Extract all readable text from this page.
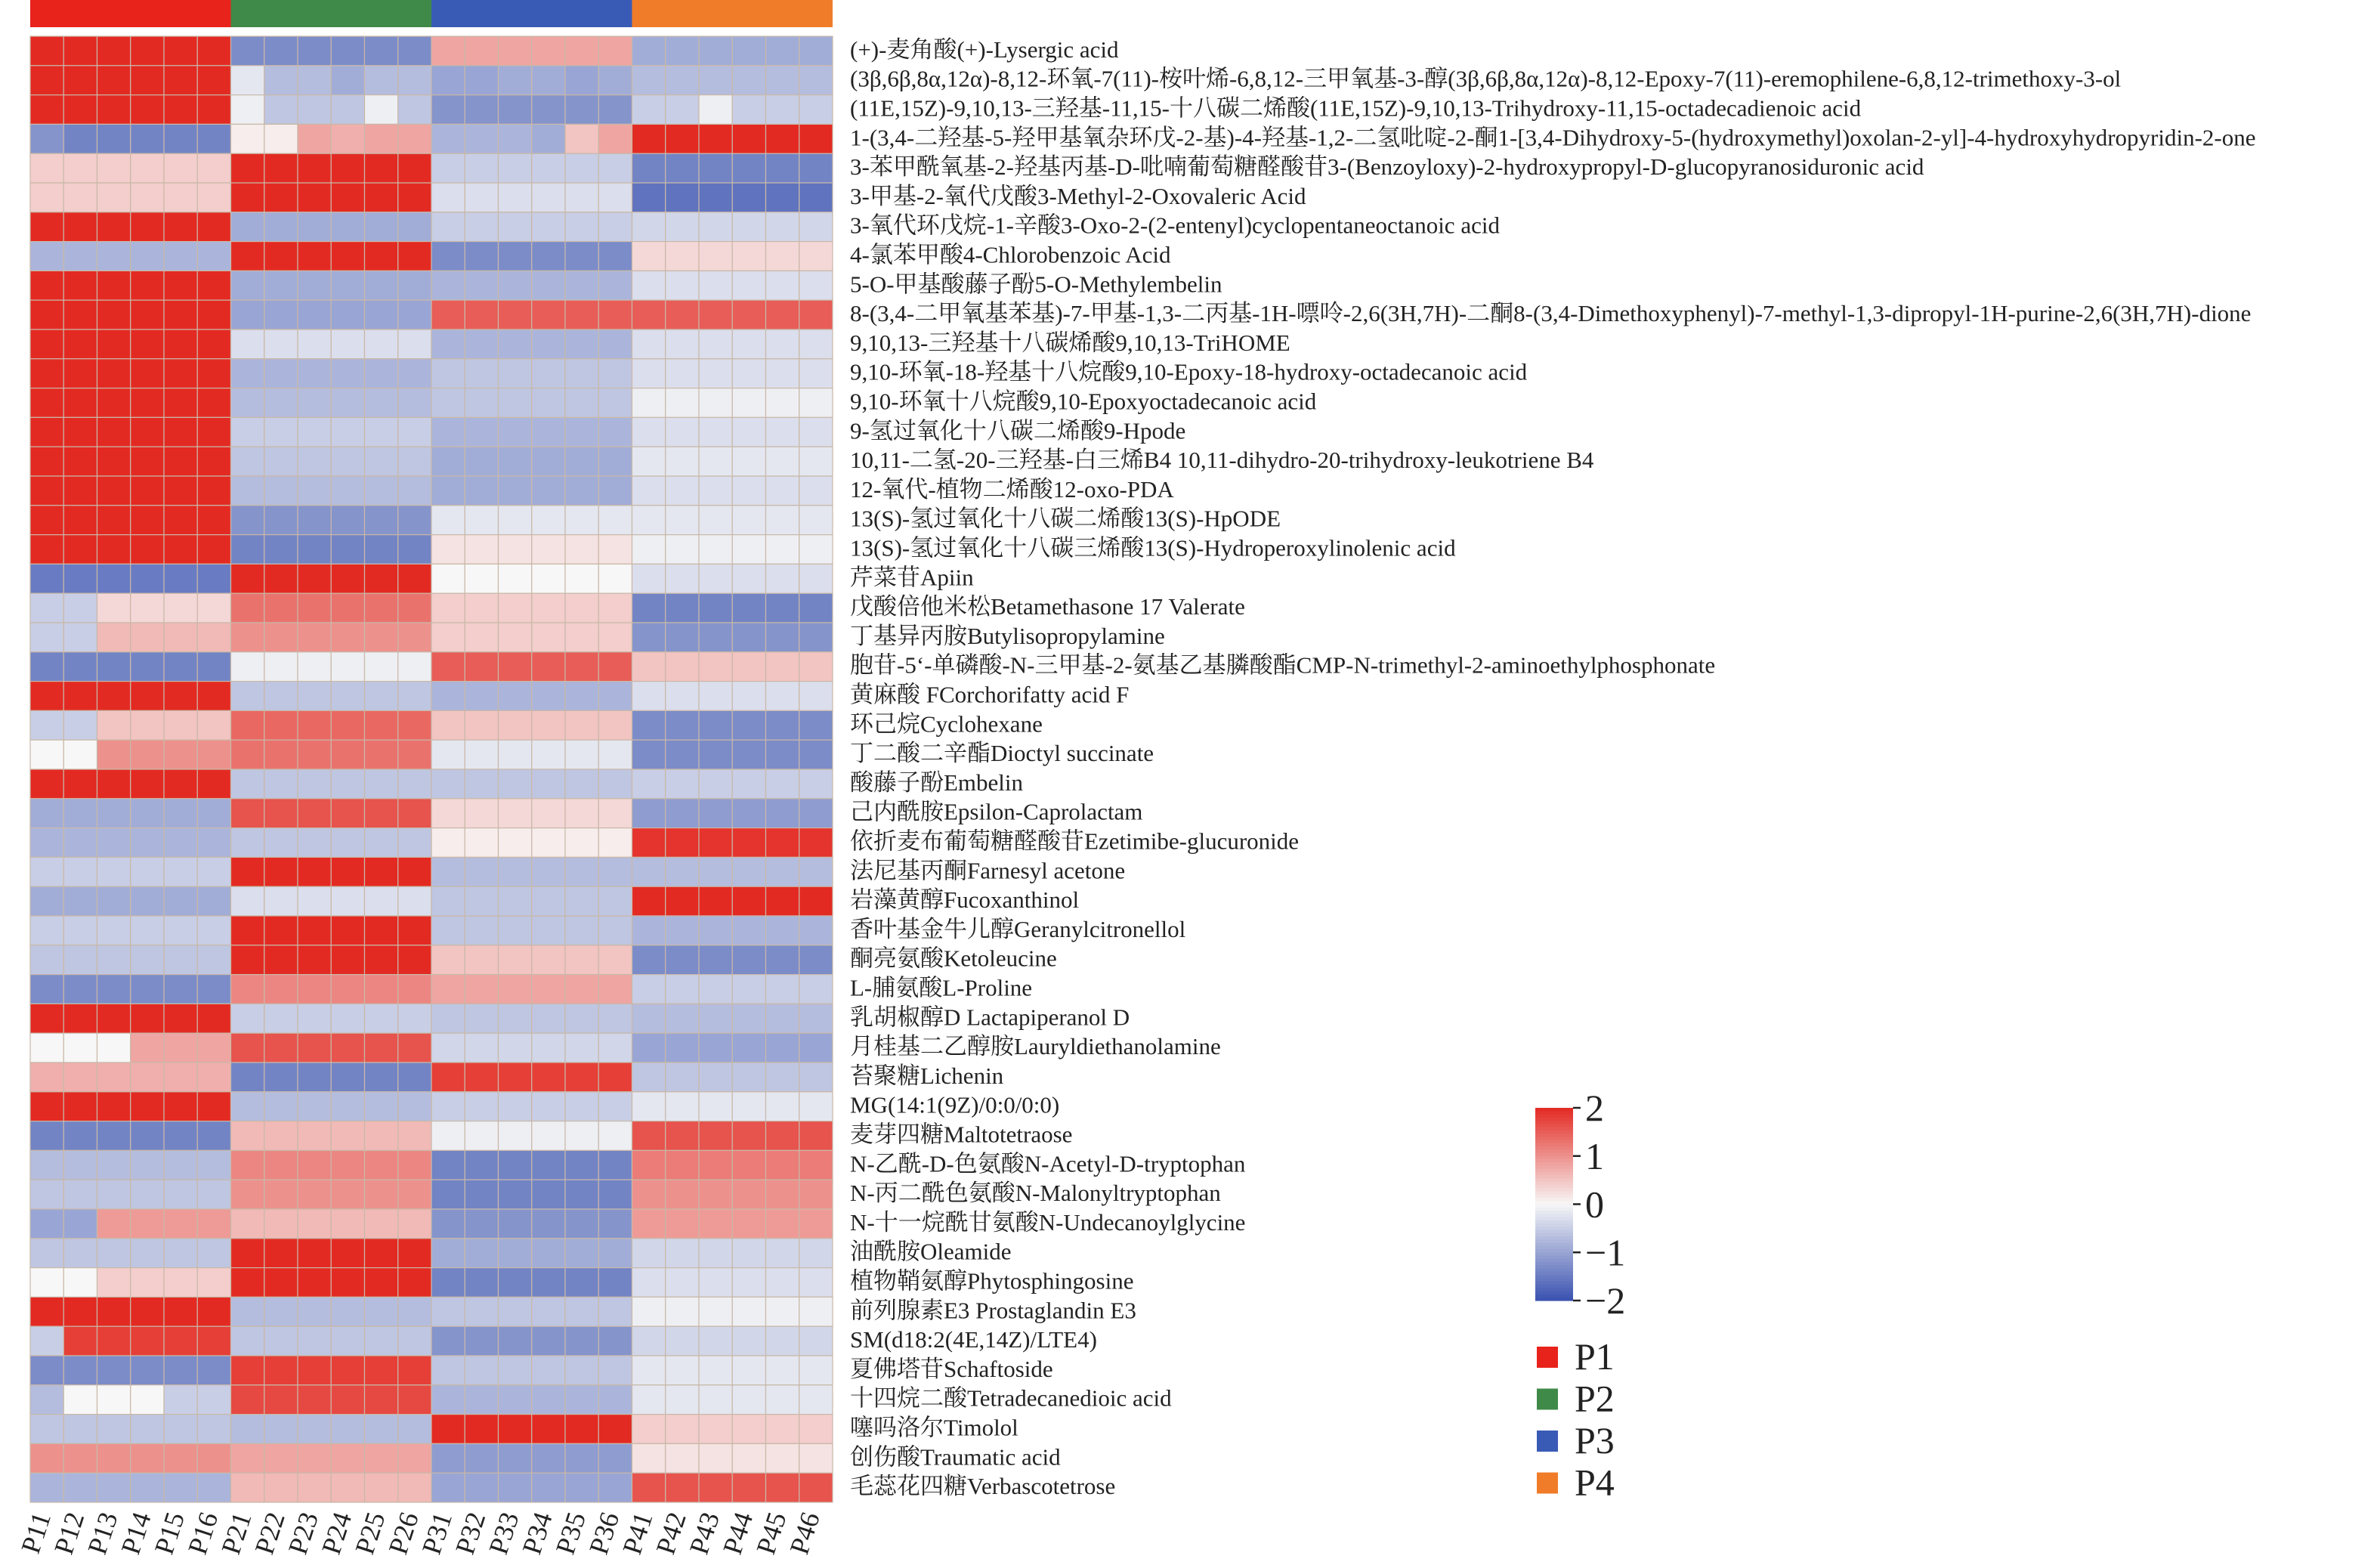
(+)-麦角酸(+)-Lysergic acid
(3β,6β,8α,12α)-8,12-环氧-7(11)-桉叶烯-6,8,12-三甲氧基-3-醇(3β,6β,8α,12α)-8,12-Epoxy-7(11)-eremophilene-6,8,12-trimethoxy-3-ol
(11E,15Z)-9,10,13-三羟基-11,15-十八碳二烯酸(11E,15Z)-9,10,13-Trihydroxy-11,15-octadecadienoic acid
1-(3,4-二羟基-5-羟甲基氧杂环戊-2-基)-4-羟基-1,2-二氢吡啶-2-酮1-[3,4-Dihydroxy-5-(hydroxymethyl)oxolan-2-yl]-4-hydroxyhydropyridin-2-one
3-苯甲酰氧基-2-羟基丙基-D-吡喃葡萄糖醛酸苷3-(Benzoyloxy)-2-hydroxypropyl-D-glucopyranosiduronic acid
3-甲基-2-氧代戊酸3-Methyl-2-Oxovaleric Acid
3-氧代环戊烷-1-辛酸3-Oxo-2-(2-entenyl)cyclopentaneoctanoic acid
4-氯苯甲酸4-Chlorobenzoic Acid
5-O-甲基酸藤子酚5-O-Methylembelin
8-(3,4-二甲氧基苯基)-7-甲基-1,3-二丙基-1H-嘌呤-2,6(3H,7H)-二酮8-(3,4-Dimethoxyphenyl)-7-methyl-1,3-dipropyl-1H-purine-2,6(3H,7H)-dione
9,10,13-三羟基十八碳烯酸9,10,13-TriHOME
9,10-环氧-18-羟基十八烷酸9,10-Epoxy-18-hydroxy-octadecanoic acid
9,10-环氧十八烷酸9,10-Epoxyoctadecanoic acid
9-氢过氧化十八碳二烯酸9-Hpode
10,11-二氢-20-三羟基-白三烯B4 10,11-dihydro-20-trihydroxy-leukotriene B4
12-氧代-植物二烯酸12-oxo-PDA
13(S)-氢过氧化十八碳二烯酸13(S)-HpODE
13(S)-氢过氧化十八碳三烯酸13(S)-Hydroperoxylinolenic acid
芹菜苷Apiin
戊酸倍他米松Betamethasone 17 Valerate
丁基异丙胺Butylisopropylamine
胞苷-5‘-单磷酸-N-三甲基-2-氨基乙基膦酸酯CMP-N-trimethyl-2-aminoethylphosphonate
黄麻酸 FCorchorifatty acid F
环己烷Cyclohexane
丁二酸二辛酯Dioctyl succinate
酸藤子酚Embelin
己内酰胺Epsilon-Caprolactam
依折麦布葡萄糖醛酸苷Ezetimibe-glucuronide
法尼基丙酮Farnesyl acetone
岩藻黄醇Fucoxanthinol
香叶基金牛儿醇Geranylcitronellol
酮亮氨酸Ketoleucine
L-脯氨酸L-Proline
乳胡椒醇D Lactapiperanol D
月桂基二乙醇胺Lauryldiethanolamine
苔聚糖Lichenin
MG(14:1(9Z)/0:0/0:0)
麦芽四糖Maltotetraose
N-乙酰-D-色氨酸N-Acetyl-D-tryptophan
N-丙二酰色氨酸N-Malonyltryptophan
N-十一烷酰甘氨酸N-Undecanoylglycine
油酰胺Oleamide
植物鞘氨醇Phytosphingosine
前列腺素E3 Prostaglandin E3
SM(d18:2(4E,14Z)/LTE4)
夏佛塔苷Schaftoside
十四烷二酸Tetradecanedioic acid
噻吗洛尔Timolol
创伤酸Traumatic acid
毛蕊花四糖Verbascotetrose
P11
P12
P13
P14
P15
P16
P21
P22
P23
P24
P25
P26
P31
P32
P33
P34
P35
P36
P41
P42
P43
P44
P45
P46
2
1
0
−1
−2
P1
P2
P3
P4
